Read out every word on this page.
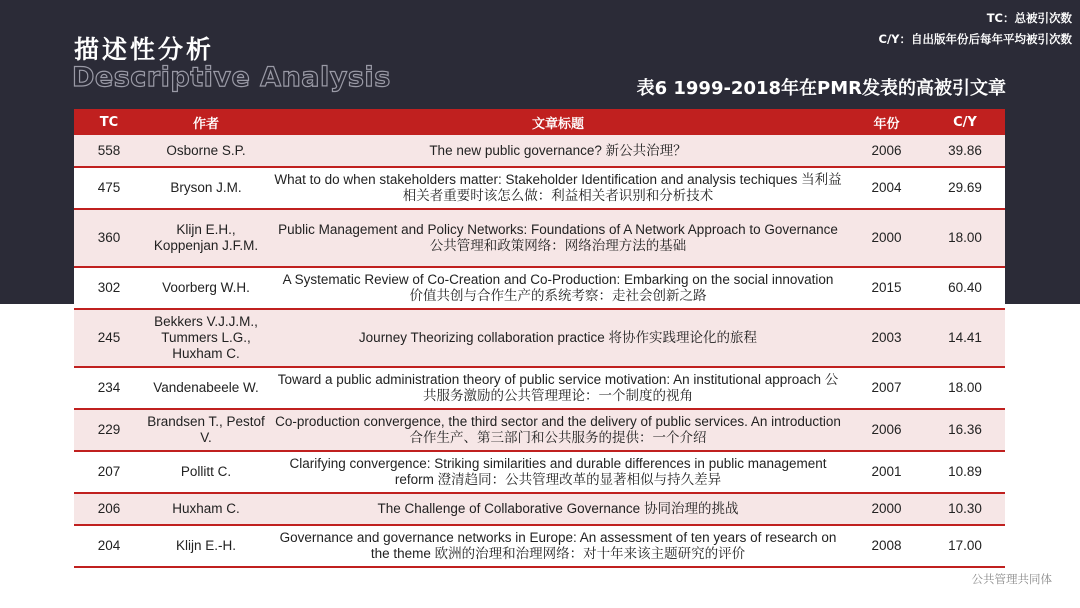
描述性分析
Descriptive Analysis
TC：总被引次数
C/Y：自出版年份后每年平均被引次数
表6 1999-2018年在PMR发表的高被引文章
TC	作者	文章标题	年份	C/Y
558	Osborne S.P.	The new public governance? 新公共治理？	2006	39.86
475	Bryson J.M.	What to do when stakeholders matter: Stakeholder Identification and analysis techiques 当利益相关者重要时该怎么做：利益相关者识别和分析技术	2004	29.69
360	Klijn E.H., Koppenjan J.F.M.	Public Management and Policy Networks: Foundations of A Network Approach to Governance 公共管理和政策网络：网络治理方法的基础	2000	18.00
302	Voorberg W.H.	A Systematic Review of Co-Creation and Co-Production: Embarking on the social innovation 价值共创与合作生产的系统考察：走社会创新之路	2015	60.40
245	Bekkers V.J.J.M., Tummers L.G., Huxham C.	Journey Theorizing collaboration practice 将协作实践理论化的旅程	2003	14.41
234	Vandenabeele W.	Toward a public administration theory of public service motivation: An institutional approach 公共服务激励的公共管理理论：一个制度的视角	2007	18.00
229	Brandsen T., Pestof V.	Co-production convergence, the third sector and the delivery of public services. An introduction 合作生产、第三部门和公共服务的提供：一个介绍	2006	16.36
207	Pollitt C.	Clarifying convergence: Striking similarities and durable differences in public management reform 澄清趋同：公共管理改革的显著相似与持久差异	2001	10.89
206	Huxham C.	The Challenge of Collaborative Governance 协同治理的挑战	2000	10.30
204	Klijn E.-H.	Governance and governance networks in Europe: An assessment of ten years of research on the theme 欧洲的治理和治理网络：对十年来该主题研究的评价	2008	17.00
公共管理共同体
